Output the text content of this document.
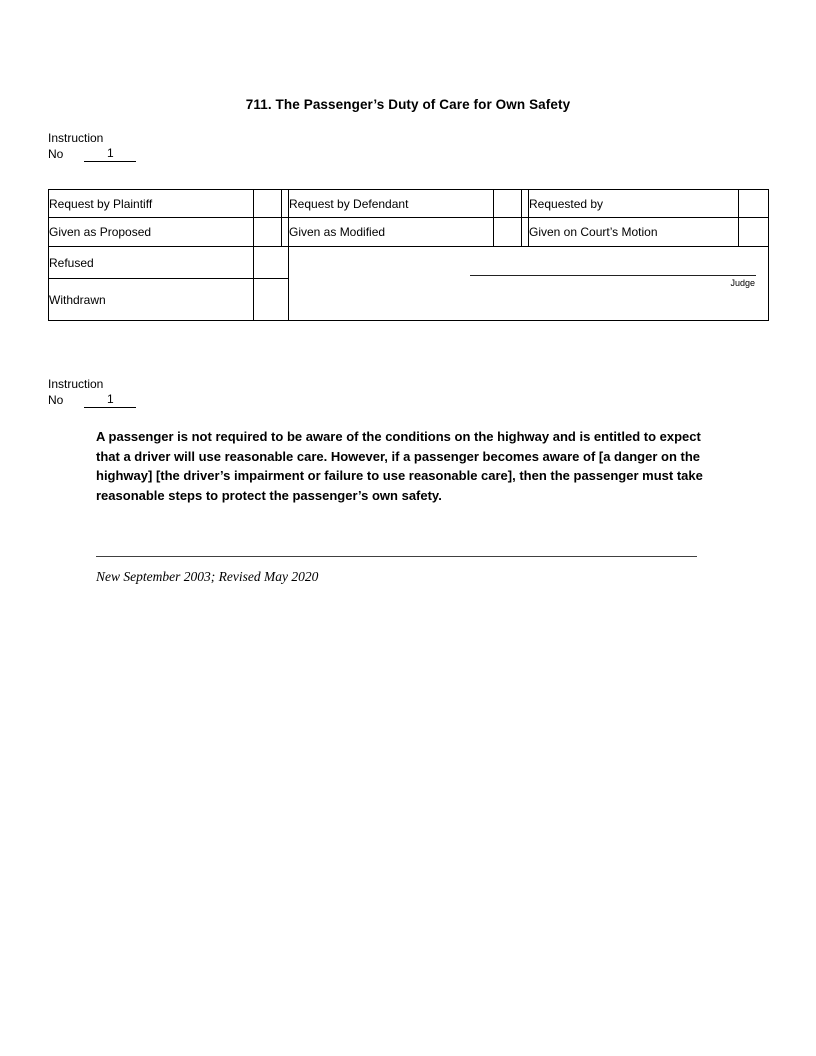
711. The Passenger’s Duty of Care for Own Safety
Instruction
No	1
Request by Plaintiff			Request by Defendant			Requested by	
Given as Proposed			Given as Modified			Given on Court’s Motion	
Refused			Judge				

Withdrawn							
Instruction
No	1
A passenger is not required to be aware of the conditions on the highway and is entitled to expect that a driver will use reasonable care. However, if a passenger becomes aware of [a danger on the highway] [the driver’s impairment or failure to use reasonable care], then the passenger must take reasonable steps to protect the passenger’s own safety.
New September 2003; Revised May 2020
